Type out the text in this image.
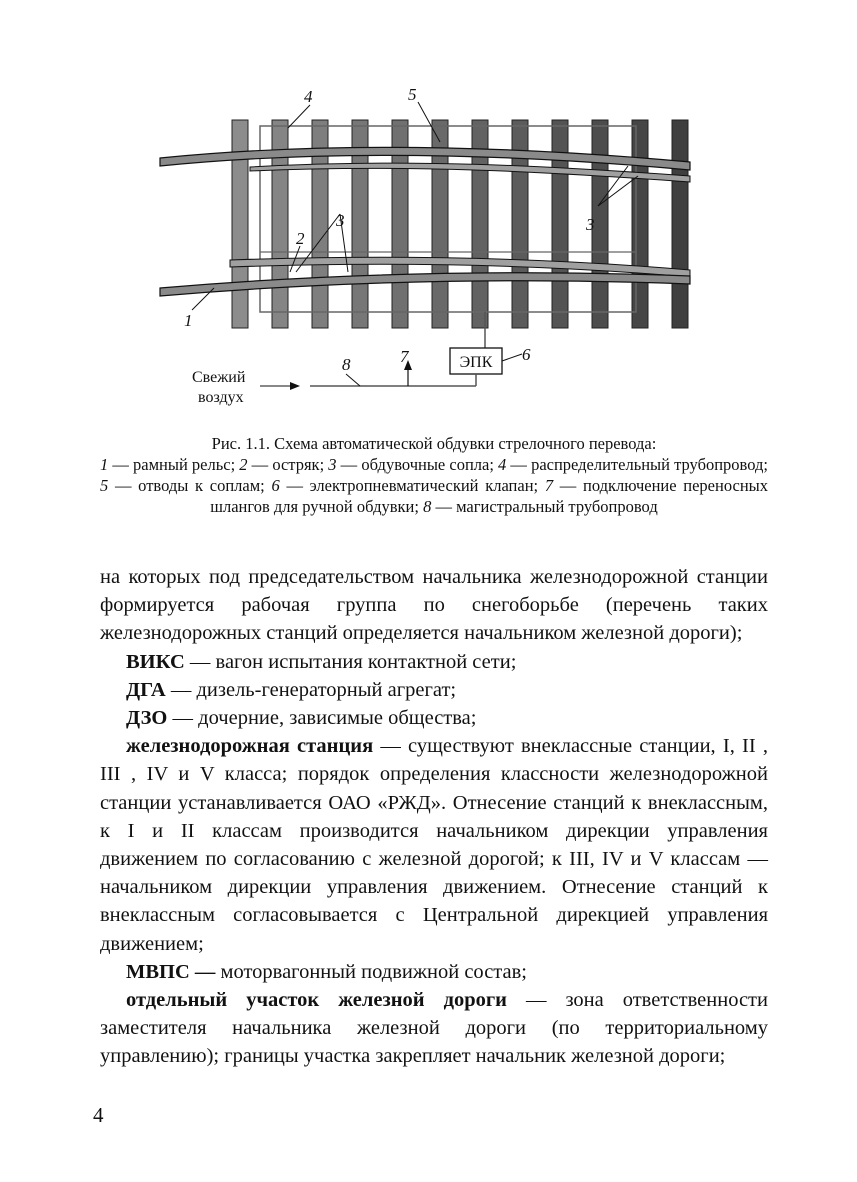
ЭПК
4	5
2
3	3
1
7
8
6
Свежий
воздух

Рис. 1.1. Схема автоматической обдувки стрелочного перевода:

1 — рамный рельс; 2 — остряк; 3 — обдувочные сопла; 4 — распределительный трубопровод; 5 — отводы к соплам; 6 — электропневматический клапан; 7 — подключение переносных шлангов для ручной обдувки; 8 — магистральный трубопровод

на которых под председательством начальника железнодорожной станции формируется рабочая группа по снегоборьбе (перечень таких железнодорожных станций определяется начальником железной дороги);

ВИКС — вагон испытания контактной сети;

ДГА — дизель-генераторный агрегат;

ДЗО — дочерние, зависимые общества;

железнодорожная станция — существуют внеклассные станции, I, II , III , IV и V класса; порядок определения классности железнодорожной станции устанавливается ОАО «РЖД». Отнесение станций к внеклассным, к I и II классам производится начальником дирекции управления движением по согласованию с железной дорогой; к III, IV и V классам — начальником дирекции управления движением. Отнесение станций к внеклассным согласовывается с Центральной дирекцией управления движением;

МВПС — моторвагонный подвижной состав;

отдельный участок железной дороги — зона ответственности заместителя начальника железной дороги (по территориальному управлению); границы участка закрепляет начальник железной дороги;

4
